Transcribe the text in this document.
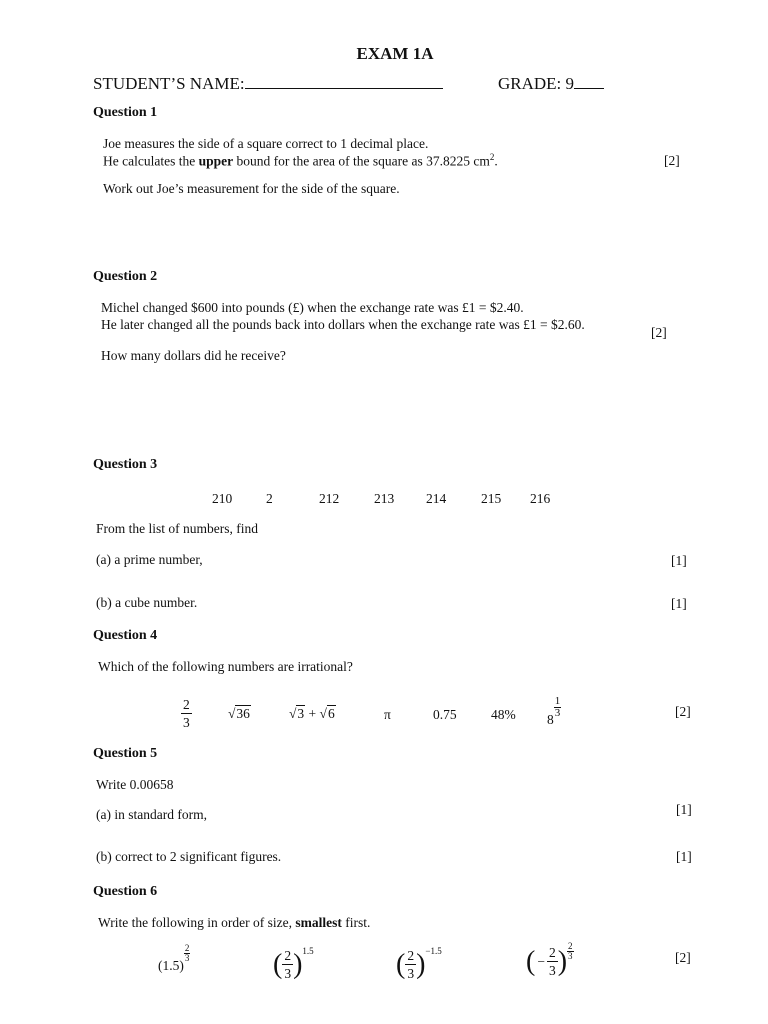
EXAM 1A
STUDENT’S NAME:	GRADE: 9
Question 1
Joe measures the side of a square correct to 1 decimal place.
He calculates the upper bound for the area of the square as 37.8225 $cm^2$.	[2]
Work out Joe’s measurement for the side of the square.
Question 2
Michel changed $600 into pounds (£) when the exchange rate was £1 = $2.40.
He later changed all the pounds back into dollars when the exchange rate was £1 = $2.60.
[2]
How many dollars did he receive?
Question 3
210	2	212	213 214	215 216
From the list of numbers, find
(a) a prime number,	[1]
(b) a cube number.	[1]
Question 4
Which of the following numbers are irrational?
$\frac{2}{3}$	√36	√3 + √6	π	0.75	48% $8 \frac{1}{3}$	[2]
Question 5
Write 0.00658
(a) in standard form,	[1]
(b) correct to 2 significant figures.	[1]
Question 6
Write the following in order of size, smallest first.
(1.5)
$\frac{2}{3}$	( $\frac{2}{3}$ ) 1.5	( $\frac{2}{3}$ ) −1.5	( − $\frac{2}{3}$ ) $\frac{2}{3}$	[2]
